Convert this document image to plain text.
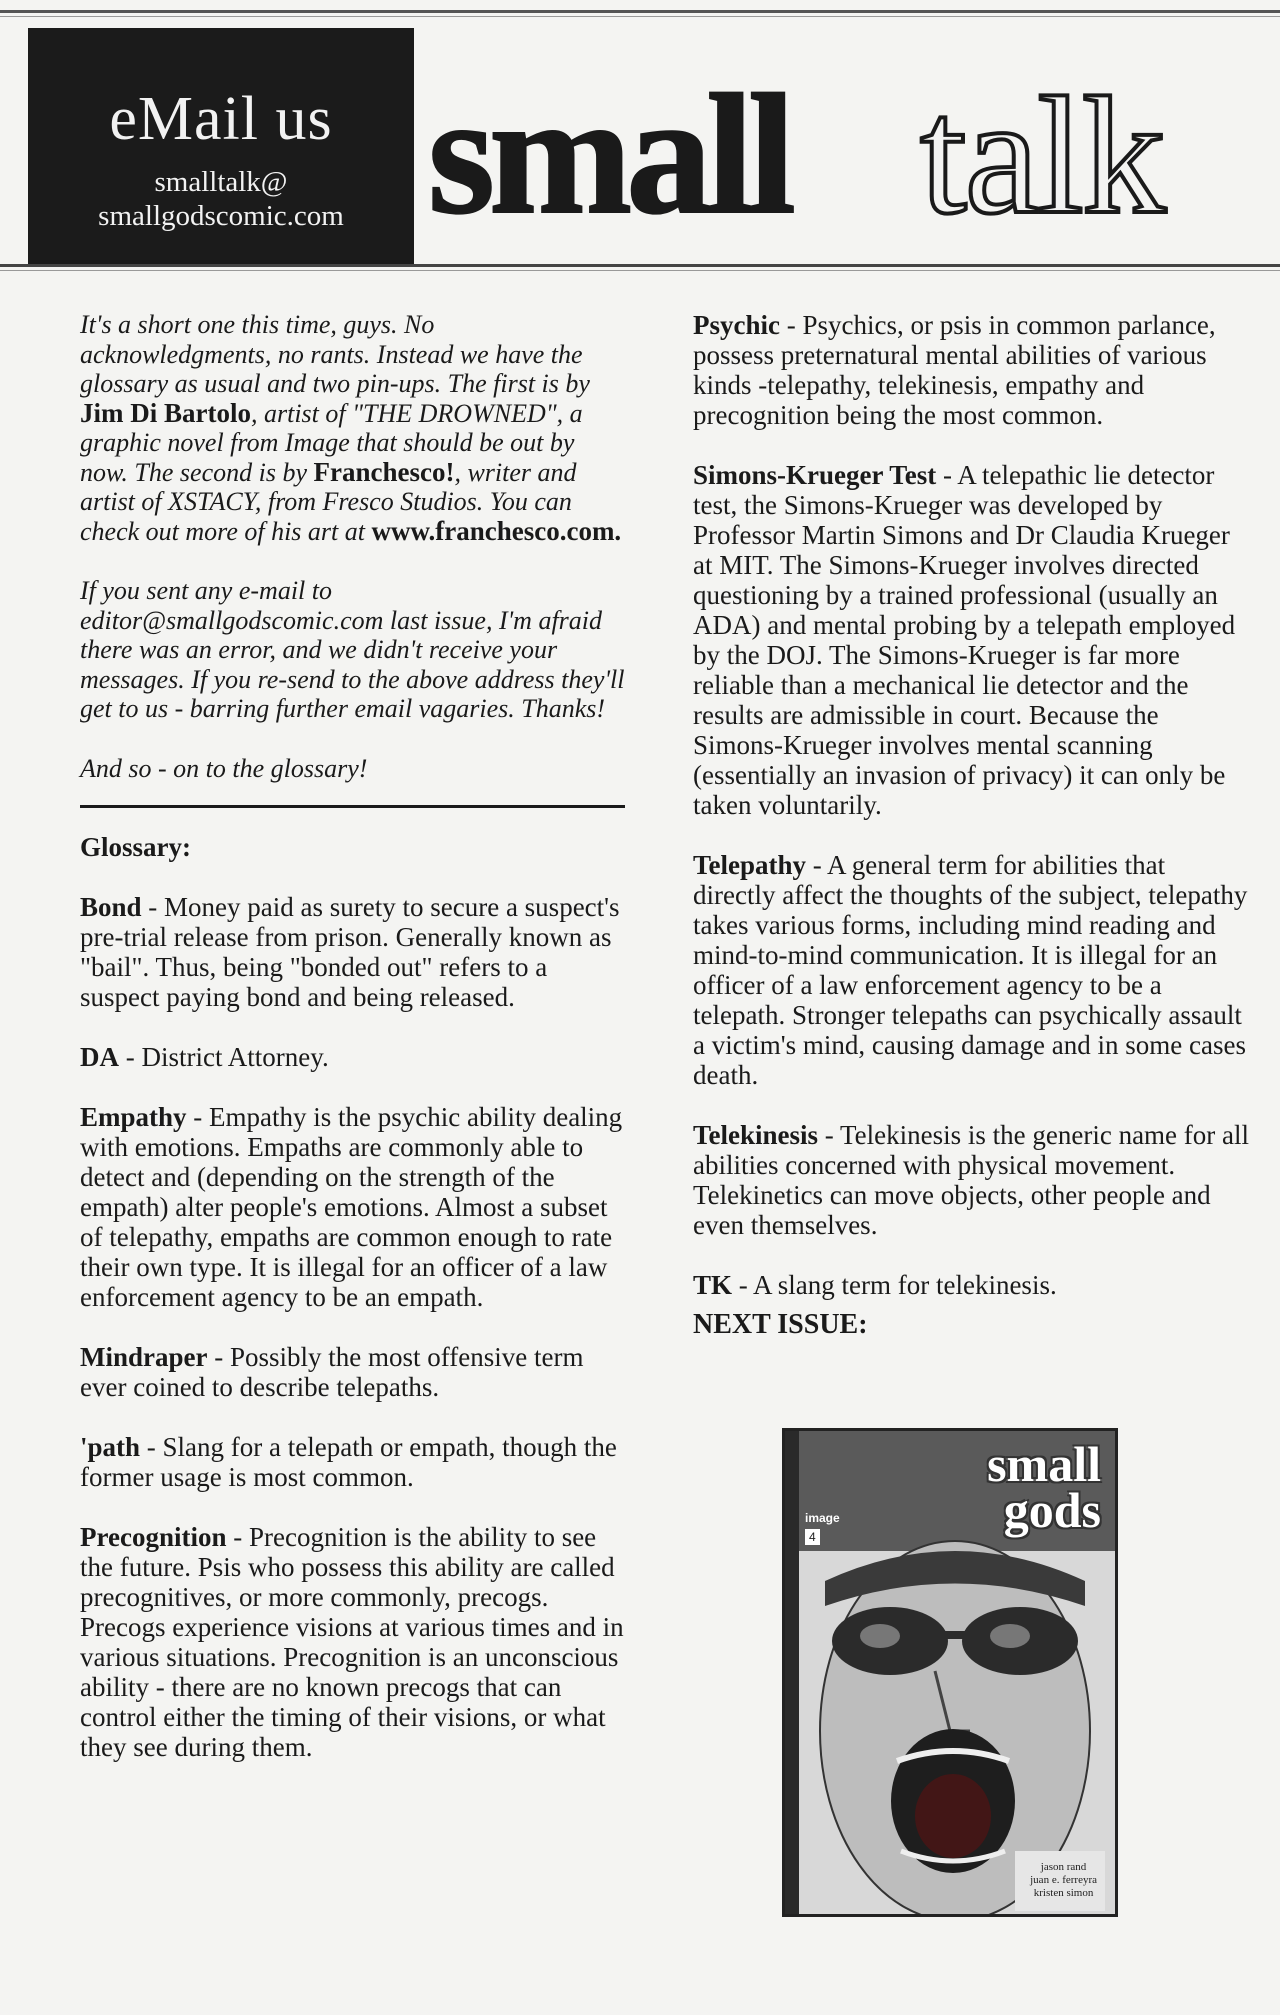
eMail us
smalltalk@
smallgodscomic.com small talk

It's a short one this time, guys. No acknowledgments, no rants. Instead we have the glossary as usual and two pin-ups. The first is by Jim Di Bartolo, artist of "THE DROWNED", a graphic novel from Image that should be out by now. The second is by Franchesco!, writer and artist of XSTACY, from Fresco Studios. You can check out more of his art at www.franchesco.com.

If you sent any e-mail to editor@smallgodscomic.com last issue, I'm afraid there was an error, and we didn't receive your messages. If you re-send to the above address they'll get to us - barring further email vagaries. Thanks!

And so - on to the glossary!

Glossary:

Bond - Money paid as surety to secure a suspect's pre-trial release from prison. Generally known as "bail". Thus, being "bonded out" refers to a suspect paying bond and being released.

DA - District Attorney.

Empathy - Empathy is the psychic ability dealing with emotions. Empaths are commonly able to detect and (depending on the strength of the empath) alter people's emotions. Almost a subset of telepathy, empaths are common enough to rate their own type. It is illegal for an officer of a law enforcement agency to be an empath.

Mindraper - Possibly the most offensive term ever coined to describe telepaths.

'path - Slang for a telepath or empath, though the former usage is most common.

Precognition - Precognition is the ability to see the future. Psis who possess this ability are called precognitives, or more commonly, precogs. Precogs experience visions at various times and in various situations. Precognition is an unconscious ability - there are no known precogs that can control either the timing of their visions, or what they see during them.

Psychic - Psychics, or psis in common parlance, possess preternatural mental abilities of various kinds -telepathy, telekinesis, empathy and precognition being the most common.

Simons-Krueger Test - A telepathic lie detector test, the Simons-Krueger was developed by Professor Martin Simons and Dr Claudia Krueger at MIT. The Simons-Krueger involves directed questioning by a trained professional (usually an ADA) and mental probing by a telepath employed by the DOJ. The Simons-Krueger is far more reliable than a mechanical lie detector and the results are admissible in court. Because the Simons-Krueger involves mental scanning (essentially an invasion of privacy) it can only be taken voluntarily.

Telepathy - A general term for abilities that directly affect the thoughts of the subject, telepathy takes various forms, including mind reading and mind-to-mind communication. It is illegal for an officer of a law enforcement agency to be a telepath. Stronger telepaths can psychically assault a victim's mind, causing damage and in some cases death.

Telekinesis - Telekinesis is the generic name for all abilities concerned with physical movement. Telekinetics can move objects, other people and even themselves.

TK - A slang term for telekinesis.

NEXT ISSUE:

small
gods
image
4
jason rand
juan e. ferreyra
kristen simon
